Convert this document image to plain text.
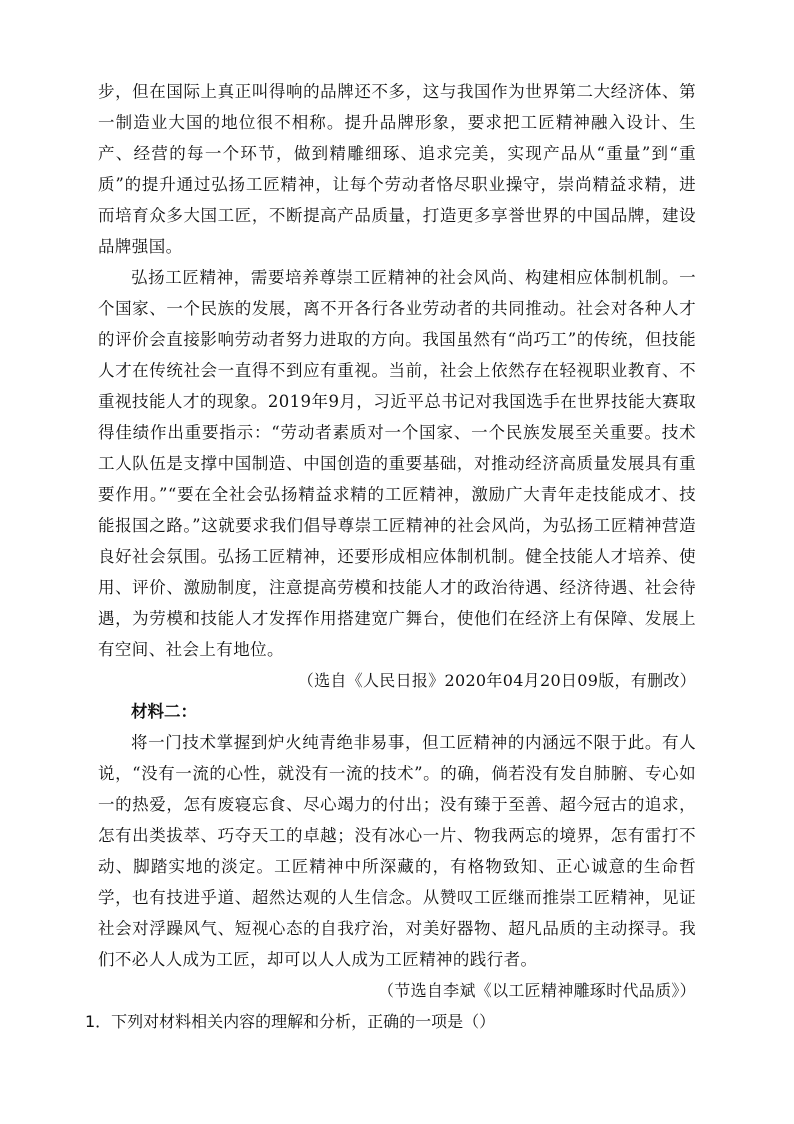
步，但在国际上真正叫得响的品牌还不多，这与我国作为世界第二大经济体、第一制造业大国的地位很不相称。提升品牌形象，要求把工匠精神融入设计、生产、经营的每一个环节，做到精雕细琢、追求完美，实现产品从“重量”到“重质”的提升通过弘扬工匠精神，让每个劳动者恪尽职业操守，崇尚精益求精，进而培育众多大国工匠，不断提高产品质量，打造更多享誉世界的中国品牌，建设品牌强国。

弘扬工匠精神，需要培养尊崇工匠精神的社会风尚、构建相应体制机制。一个国家、一个民族的发展，离不开各行各业劳动者的共同推动。社会对各种人才的评价会直接影响劳动者努力进取的方向。我国虽然有“尚巧工”的传统，但技能人才在传统社会一直得不到应有重视。当前，社会上依然存在轻视职业教育、不重视技能人才的现象。2019年9月，习近平总书记对我国选手在世界技能大赛取得佳绩作出重要指示：“劳动者素质对一个国家、一个民族发展至关重要。技术工人队伍是支撑中国制造、中国创造的重要基础，对推动经济高质量发展具有重要作用。”“要在全社会弘扬精益求精的工匠精神，激励广大青年走技能成才、技能报国之路。”这就要求我们倡导尊崇工匠精神的社会风尚，为弘扬工匠精神营造良好社会氛围。弘扬工匠精神，还要形成相应体制机制。健全技能人才培养、使用、评价、激励制度，注意提高劳模和技能人才的政治待遇、经济待遇、社会待遇，为劳模和技能人才发挥作用搭建宽广舞台，使他们在经济上有保障、发展上有空间、社会上有地位。

（选自《人民日报》2020年04月20日09版，有删改）

材料二：

将一门技术掌握到炉火纯青绝非易事，但工匠精神的内涵远不限于此。有人说，“没有一流的心性，就没有一流的技术”。的确，倘若没有发自肺腑、专心如一的热爱，怎有废寝忘食、尽心竭力的付出；没有臻于至善、超今冠古的追求，怎有出类拔萃、巧夺天工的卓越；没有冰心一片、物我两忘的境界，怎有雷打不动、脚踏实地的淡定。工匠精神中所深藏的，有格物致知、正心诚意的生命哲学，也有技进乎道、超然达观的人生信念。从赞叹工匠继而推崇工匠精神，见证社会对浮躁风气、短视心态的自我疗治，对美好器物、超凡品质的主动探寻。我们不必人人成为工匠，却可以人人成为工匠精神的践行者。

（节选自李斌《以工匠精神雕琢时代品质》）

1．下列对材料相关内容的理解和分析，正确的一项是（）
